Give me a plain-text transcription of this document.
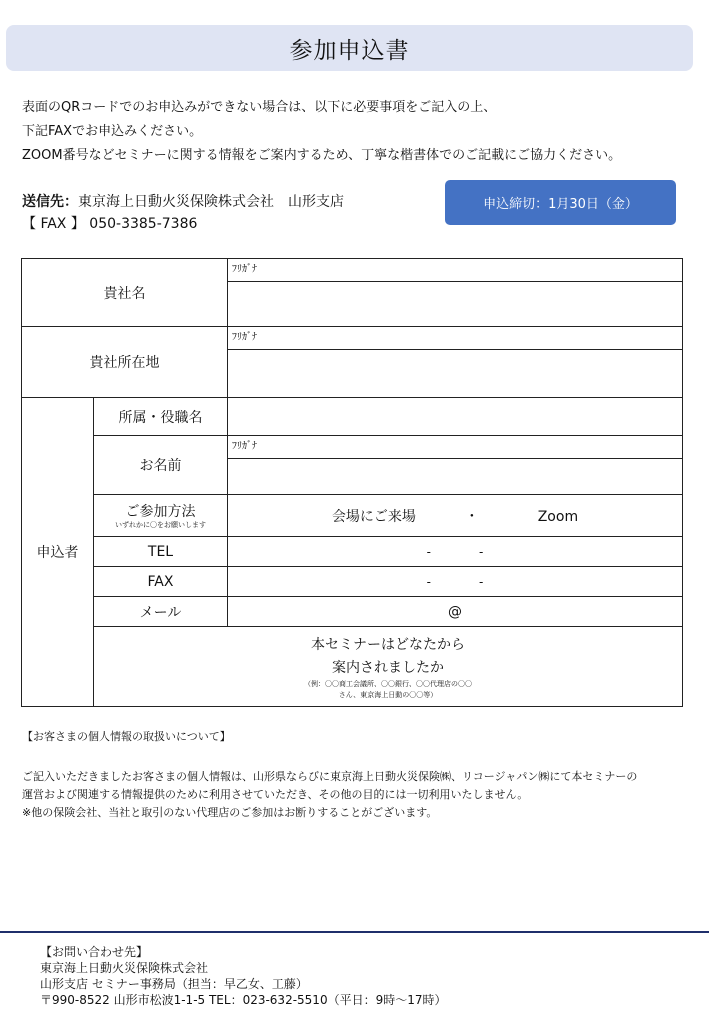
参加申込書
表面のQRコードでのお申込みができない場合は、以下に必要事項をご記入の上、
下記FAXでお申込みください。
ZOOM番号などセミナーに関する情報をご案内するため、丁寧な楷書体でのご記載にご協力ください。
送信先：東京海上日動火災保険株式会社　山形支店
【 FAX 】 050-3385-7386
申込締切：1月30日（金）
貴社名		ﾌﾘｶﾞﾅ	

貴社所在地		ﾌﾘｶﾞﾅ	

申込者	所属・役職名		
	お名前	ﾌﾘｶﾞﾅ	

	ご参加方法
いずれかに〇をお願いします	会場にご来場 ・ Zoom	
	TEL	-　　　　-	
	FAX	-　　　　-	
	メール	@	

	本セミナーはどなたから
案内されましたか
（例：〇〇商工会議所、〇〇銀行、〇〇代理店の〇〇
さん、東京海上日動の〇〇等）		

【お客さまの個人情報の取扱いについて】
ご記入いただきましたお客さまの個人情報は、山形県ならびに東京海上日動火災保険㈱、リコージャパン㈱にて本セミナーの
運営および関連する情報提供のために利用させていただき、その他の目的には一切利用いたしません。
※他の保険会社、当社と取引のない代理店のご参加はお断りすることがございます。
【お問い合わせ先】
東京海上日動火災保険株式会社
山形支店 セミナー事務局（担当：早乙女、工藤）
〒990-8522 山形市松波1-1-5 TEL：023-632-5510（平日：9時～17時）
